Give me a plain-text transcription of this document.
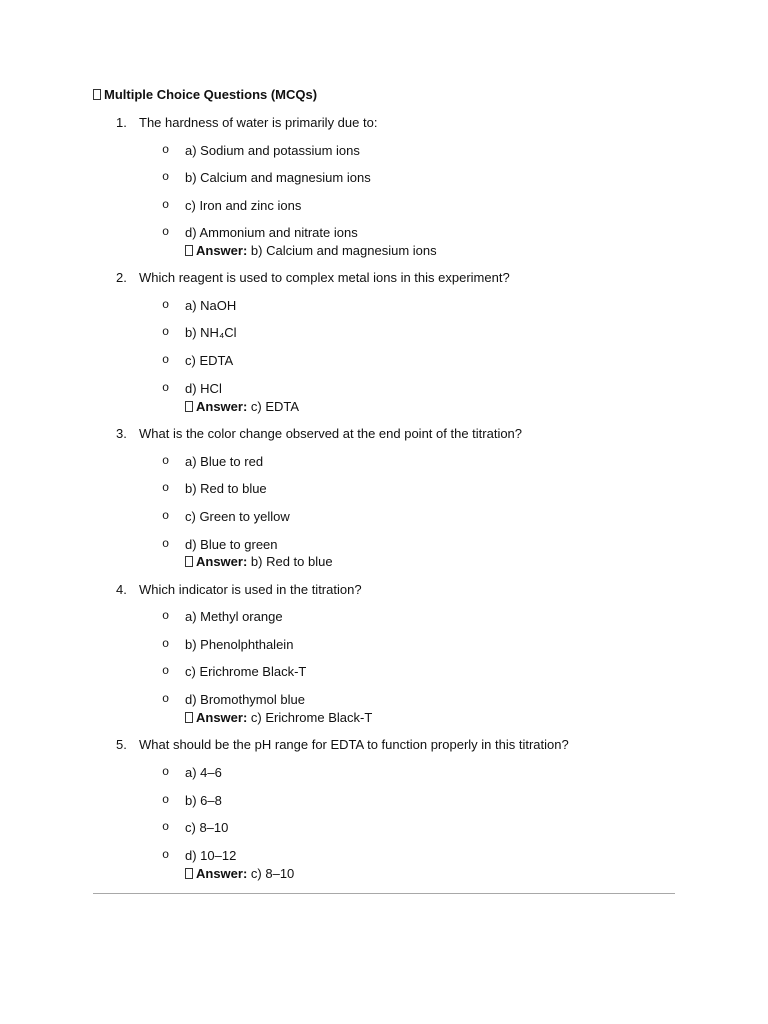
Multiple Choice Questions (MCQs)
1. The hardness of water is primarily due to:
o a) Sodium and potassium ions
o b) Calcium and magnesium ions
o c) Iron and zinc ions
o d) Ammonium and nitrate ions
Answer: b) Calcium and magnesium ions
2. Which reagent is used to complex metal ions in this experiment?
o a) NaOH
o b) NH₄Cl
o c) EDTA
o d) HCl
Answer: c) EDTA
3. What is the color change observed at the end point of the titration?
o a) Blue to red
o b) Red to blue
o c) Green to yellow
o d) Blue to green
Answer: b) Red to blue
4. Which indicator is used in the titration?
o a) Methyl orange
o b) Phenolphthalein
o c) Erichrome Black-T
o d) Bromothymol blue
Answer: c) Erichrome Black-T
5. What should be the pH range for EDTA to function properly in this titration?
o a) 4–6
o b) 6–8
o c) 8–10
o d) 10–12
Answer: c) 8–10
